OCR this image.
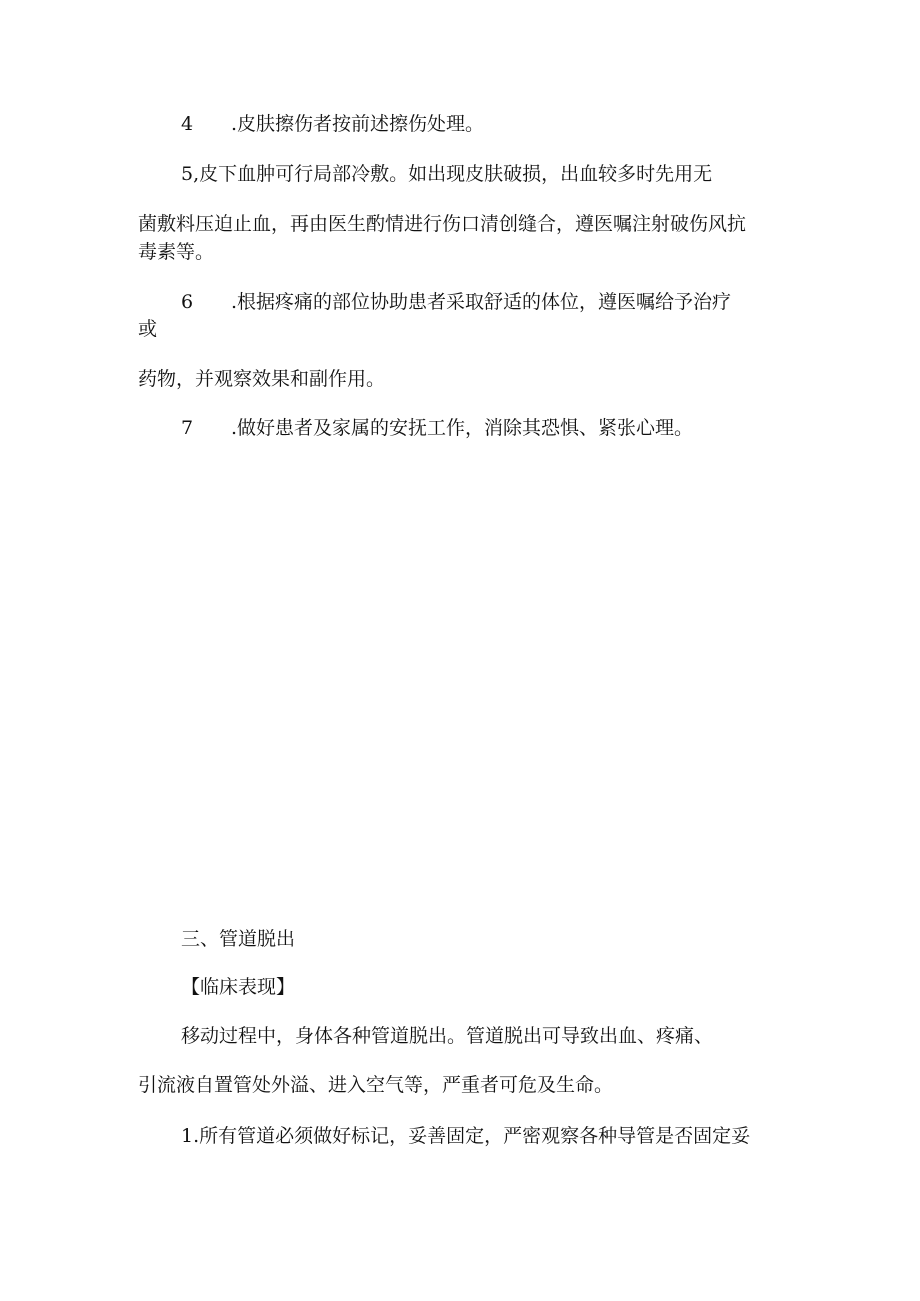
4 .皮肤擦伤者按前述擦伤处理。
5,皮下血肿可行局部冷敷。如出现皮肤破损，出血较多时先用无
菌敷料压迫止血，再由医生酌情进行伤口清创缝合，遵医嘱注射破伤风抗
毒素等。
6 .根据疼痛的部位协助患者采取舒适的体位，遵医嘱给予治疗
或
药物，并观察效果和副作用。
7 .做好患者及家属的安抚工作，消除其恐惧、紧张心理。
三、管道脱出
【临床表现】
移动过程中，身体各种管道脱出。管道脱出可导致出血、疼痛、
引流液自置管处外溢、进入空气等，严重者可危及生命。
1.所有管道必须做好标记，妥善固定，严密观察各种导管是否固定妥
